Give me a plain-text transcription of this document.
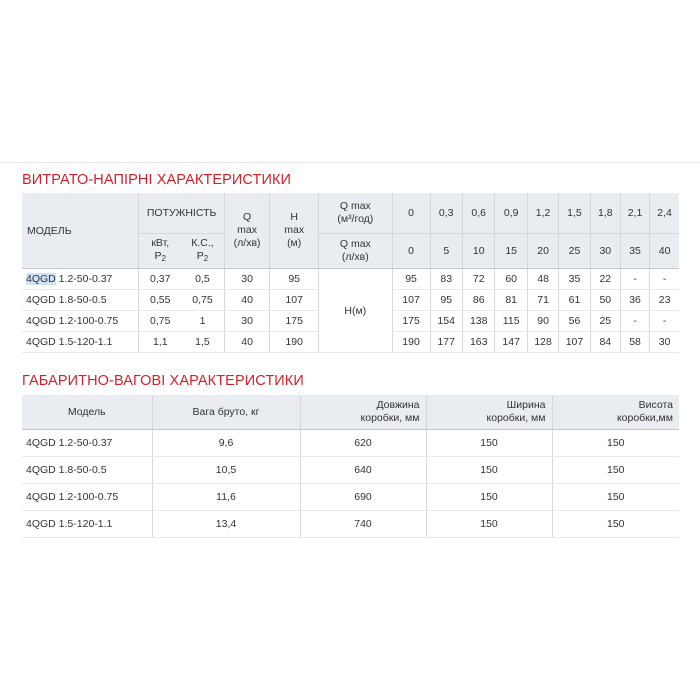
ВИТРАТО-НАПІРНІ ХАРАКТЕРИСТИКИ
МОДЕЛЬ	ПОТУЖНІСТЬ		Q
max
(л/хв)	H
max
(м)	Q max
(м³/год)	0	0,3	0,6	0,9	1,2	1,5	1,8	2,1	2,4
	кВт,
$P_2$	К.С.,
$P_2$			Q max
(л/хв)	0	5	10	15	20	25	30	35	40
4QGD 1.2-50-0.37	0,37	0,5	30	95	H(м)	95	83	72	60	48	35	22	-	-
4QGD 1.8-50-0.5	0,55	0,75	40	107		107	95	86	81	71	61	50	36	23
4QGD 1.2-100-0.75	0,75	1	30	175		175	154	138	115	90	56	25	-	-
4QGD 1.5-120-1.1	1,1	1,5	40	190		190	177	163	147	128	107	84	58	30
ГАБАРИТНО-ВАГОВІ ХАРАКТЕРИСТИКИ
Модель	Вага бруто, кг	Довжина
коробки, мм	Ширина
коробки, мм	Висота
коробки,мм
4QGD 1.2-50-0.37	9,6	620	150	150
4QGD 1.8-50-0.5	10,5	640	150	150
4QGD 1.2-100-0.75	11,6	690	150	150
4QGD 1.5-120-1.1	13,4	740	150	150
